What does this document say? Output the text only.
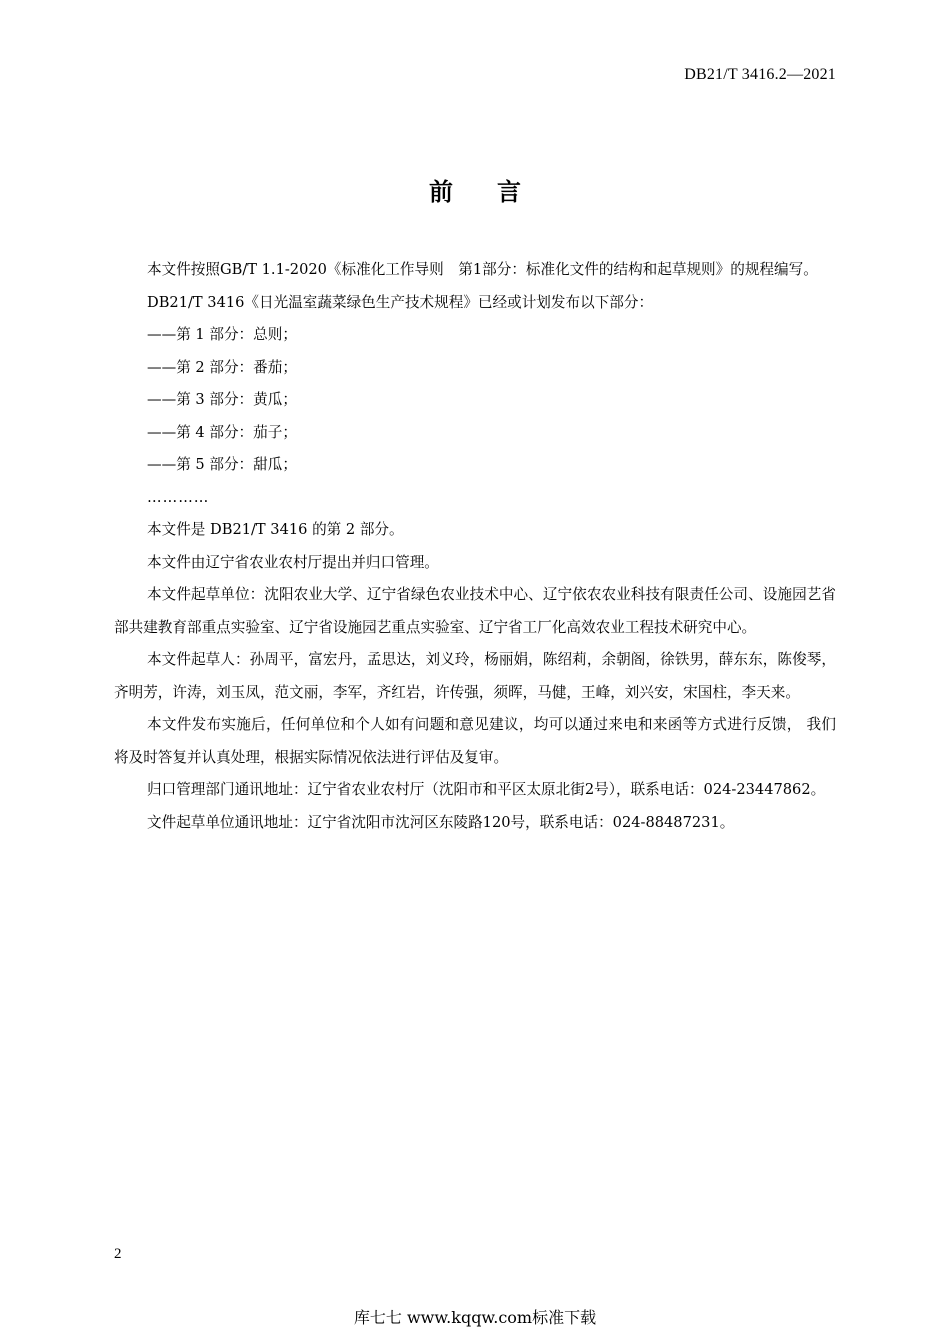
DB21/T 3416.2—2021
前言

本文件按照GB/T 1.1-2020《标准化工作导则　第1部分：标准化文件的结构和起草规则》的规程编写。

DB21/T 3416《日光温室蔬菜绿色生产技术规程》已经或计划发布以下部分：

——第 1 部分：总则；

——第 2 部分：番茄；

——第 3 部分：黄瓜；

——第 4 部分：茄子；

——第 5 部分：甜瓜；

…………

本文件是 DB21/T 3416 的第 2 部分。

本文件由辽宁省农业农村厅提出并归口管理。

本文件起草单位：沈阳农业大学、辽宁省绿色农业技术中心、辽宁依农农业科技有限责任公司、设施园艺省部共建教育部重点实验室、辽宁省设施园艺重点实验室、辽宁省工厂化高效农业工程技术研究中心。

本文件起草人：孙周平，富宏丹，孟思达，刘义玲，杨丽娟，陈绍莉，余朝阁，徐铁男，薛东东，陈俊琴，齐明芳，许涛，刘玉凤，范文丽，李军，齐红岩，许传强，须晖，马健，王峰，刘兴安，宋国柱，李天来。

本文件发布实施后，任何单位和个人如有问题和意见建议，均可以通过来电和来函等方式进行反馈， 我们将及时答复并认真处理，根据实际情况依法进行评估及复审。

归口管理部门通讯地址：辽宁省农业农村厅（沈阳市和平区太原北街2号），联系电话：024-23447862。

文件起草单位通讯地址：辽宁省沈阳市沈河区东陵路120号，联系电话：024-88487231。

2
库七七 www.kqqw.com标准下载
